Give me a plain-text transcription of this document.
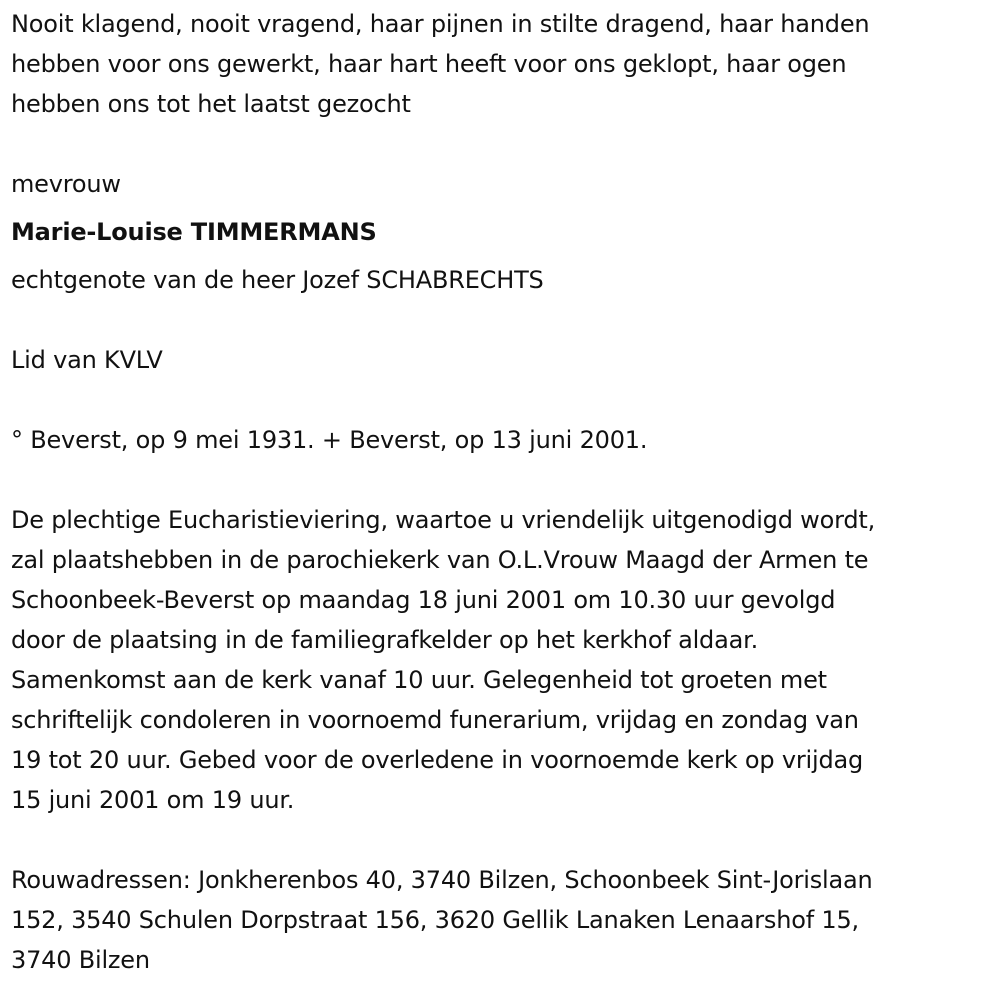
Nooit klagend, nooit vragend, haar pijnen in stilte dragend, haar handen
hebben voor ons gewerkt, haar hart heeft voor ons geklopt, haar ogen
hebben ons tot het laatst gezocht
mevrouw
Marie-Louise TIMMERMANS
echtgenote van de heer Jozef SCHABRECHTS
Lid van KVLV
° Beverst, op 9 mei 1931. + Beverst, op 13 juni 2001.
De plechtige Eucharistieviering, waartoe u vriendelijk uitgenodigd wordt,
zal plaatshebben in de parochiekerk van O.L.Vrouw Maagd der Armen te
Schoonbeek-Beverst op maandag 18 juni 2001 om 10.30 uur gevolgd
door de plaatsing in de familiegrafkelder op het kerkhof aldaar.
Samenkomst aan de kerk vanaf 10 uur. Gelegenheid tot groeten met
schriftelijk condoleren in voornoemd funerarium, vrijdag en zondag van
19 tot 20 uur. Gebed voor de overledene in voornoemde kerk op vrijdag
15 juni 2001 om 19 uur.
Rouwadressen: Jonkherenbos 40, 3740 Bilzen, Schoonbeek Sint-Jorislaan
152, 3540 Schulen Dorpstraat 156, 3620 Gellik Lanaken Lenaarshof 15,
3740 Bilzen
